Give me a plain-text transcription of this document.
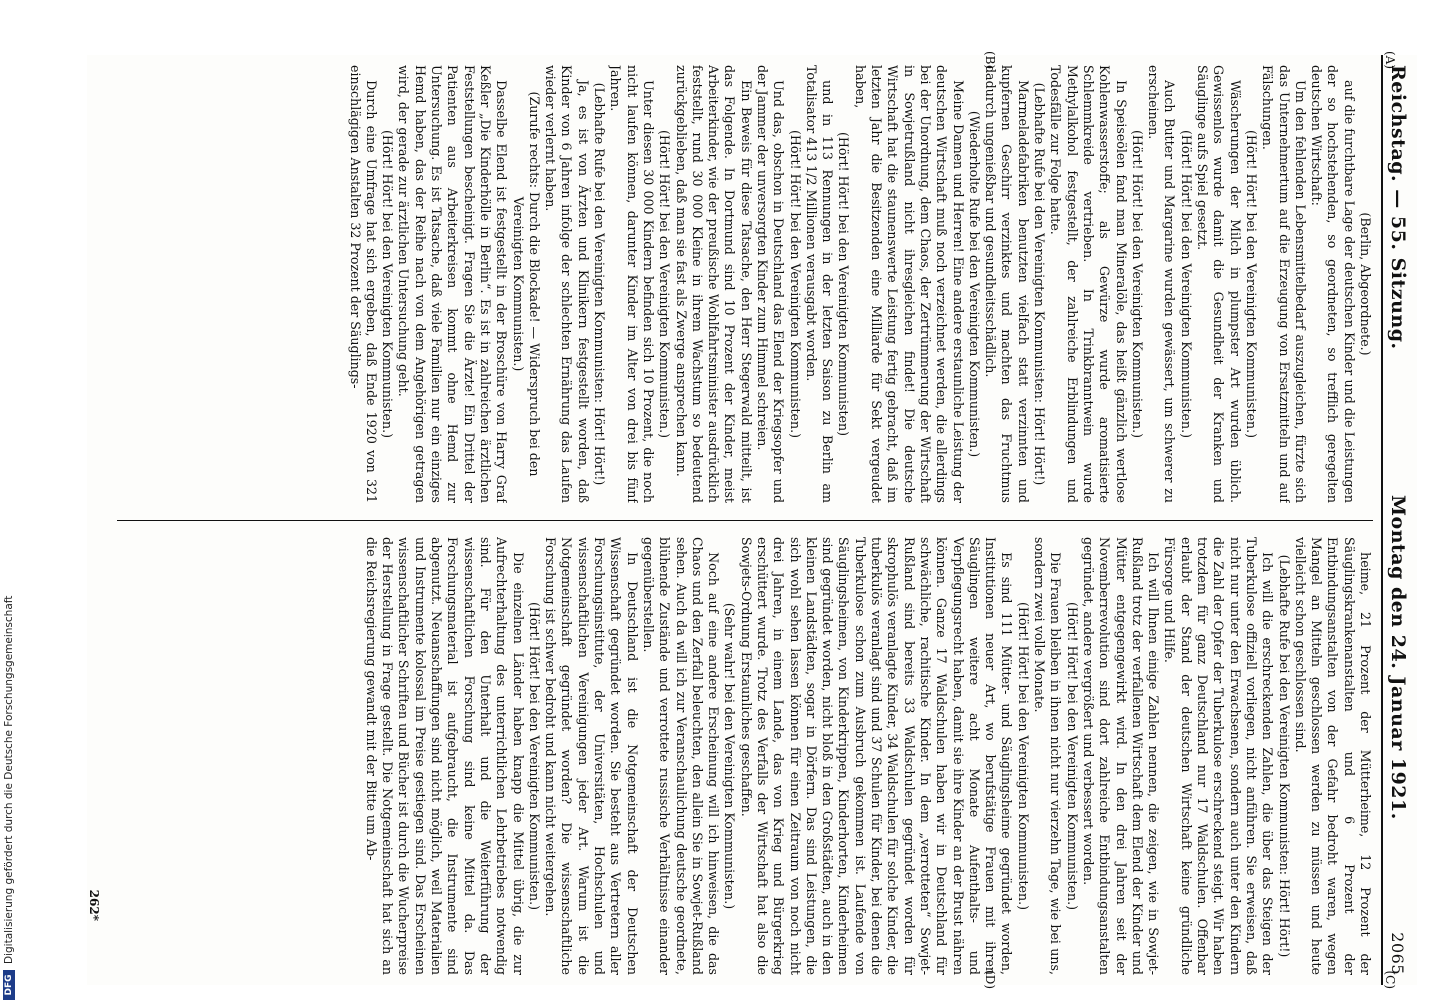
Reichstag. — 55. Sitzung.
Montag den 24. Januar 1921.
2065

(Berlin, Abgeordnete.)

auf die furchtbare Lage der deutschen Kinder und die Leistungen der so hochstehenden, so geordneten, so trefflich geregelten deutschen Wirtschaft:

Um den fehlenden Lebensmittelbedarf auszugleichen, fürzte sich das Unternehmertum auf die Erzeugung von Ersatzmitteln und auf Fälschungen.

(Hört! Hört! bei den Vereinigten Kommunisten.)

Wäscherungen der Milch in plumpster Art wurden üblich. Gewissenlos wurde damit die Gesundheit der Kranken und Säuglinge aufs Spiel gesetzt.

(Hört! Hört! bei den Vereinigten Kommunisten.)

Auch Butter und Margarine wurden gewässert, um schwerer zu erscheinen.

(Hört! Hört! bei den Vereinigten Kommunisten.)

In Speiseölen fand man Mineralöle, das heißt gänzlich wertlose Kohlenwasserstoffe; als Gewürze wurde aromatisierte Schlemmkreide vertrieben. In Trinkbranntwein wurde Methylalkohol festgestellt, der zahlreiche Erblindungen und Todesfälle zur Folge hatte.

(Lebhafte Rufe bei den Vereinigten Kommunisten: Hört! Hört!)

Marmeladefabriken benutzten vielfach statt verzinnten und kupfernen Geschirr verzinktes und machten das Fruchtmus dadurch ungenießbar und gesundheitsschädlich.

(Wiederholte Rufe bei den Vereinigten Kommunisten.)

Meine Damen und Herren! Eine andere erstaunliche Leistung der deutschen Wirtschaft muß noch verzeichnet werden, die allerdings bei der Unordnung, dem Chaos, der Zertrümmerung der Wirtschaft in Sowjetrußland nicht ihresgleichen findet! Die deutsche Wirtschaft hat die staunenswerte Leistung fertig gebracht, daß im letzten Jahr die Besitzenden eine Milliarde für Sekt vergeudet haben,

(Hört! Hört! bei den Vereinigten Kommunisten)

und in 113 Rennungen in der letzten Saison zu Berlin am Totalisator 413 1/2 Millionen verausgabt worden.

(Hört! Hört! bei den Vereinigten Kommunisten.)

Und das, obschon in Deutschland das Elend der Kriegsopfer und der Jammer der unversorgten Kinder zum Himmel schreien.

Ein Beweis für diese Tatsache, den Herr Stegerwald mitteilt, ist das Folgende. In Dortmund sind 10 Prozent der Kinder, meist Arbeiterkinder, wie der preußische Wohlfahrtsminister ausdrücklich feststellt, rund 30 000 Kleine in ihrem Wachstum so bedeutend zurückgeblieben, daß man sie fast als Zwerge ansprechen kann.

(Hört! Hört! bei den Vereinigten Kommunisten.)

Unter diesen 30 000 Kindern befinden sich 10 Prozent, die noch nicht laufen können, darunter Kinder im Alter von drei bis fünf Jahren.

(Lebhafte Rufe bei den Vereinigten Kommunisten: Hört! Hört!)

Ja, es ist von Ärzten und Klinikern festgestellt worden, daß Kinder von 6 Jahren infolge der schlechten Ernährung das Laufen wieder verlernt haben.

(Zurufe rechts: Durch die Blockade! — Widerspruch bei den Vereinigten Kommunisten.)

Dasselbe Elend ist festgestellt in der Broschüre von Harry Graf Keßler „Die Kinderhölle in Berlin“. Es ist in zahlreichen ärztlichen Feststellungen bescheinigt. Fragen Sie die Ärzte! Ein Drittel der Patienten aus Arbeiterkreisen kommt ohne Hemd zur Untersuchung. Es ist Tatsache, daß viele Familien nur ein einziges Hemd haben, das der Reihe nach von dem Angehörigen getragen wird, der gerade zur ärztlichen Untersuchung geht.

(Hört! Hört! bei den Vereinigten Kommunisten.)

Durch eine Umfrage hat sich ergeben, daß Ende 1920 von 321 einschlägigen Anstalten 32 Prozent der Säuglings-

heime, 21 Prozent der Mütterheime, 12 Prozent der Säuglingskrankenanstalten und 6 Prozent der Entbindungsanstalten von der Gefahr bedroht waren, wegen Mangel an Mitteln geschlossen werden zu müssen und heute vielleicht schon geschlossen sind.

(Lebhafte Rufe bei den Vereinigten Kommunisten: Hört! Hört!)

Ich will die erschreckenden Zahlen, die über das Steigen der Tuberkulose offiziell vorliegen, nicht anführen. Sie erweisen, daß nicht nur unter den Erwachsenen, sondern auch unter den Kindern die Zahl der Opfer der Tuberkulose erschreckend steigt. Wir haben trotzdem für ganz Deutschland nur 17 Waldschulen. Offenbar erlaubt der Stand der deutschen Wirtschaft keine gründliche Fürsorge und Hilfe.

Ich will Ihnen einige Zahlen nennen, die zeigen, wie in Sowjet-Rußland trotz der verfallenen Wirtschaft dem Elend der Kinder und Mütter entgegengewirkt wird. In den drei Jahren seit der Novemberrevolution sind dort zahlreiche Entbindungsanstalten gegründet, andere vergrößert und verbessert worden.

(Hört! Hört! bei den Vereinigten Kommunisten.)

Die Frauen bleiben in ihnen nicht nur vierzehn Tage, wie bei uns, sondern zwei volle Monate.

(Hört! Hört! bei den Vereinigten Kommunisten.)

Es sind 111 Mütter- und Säuglingsheime gegründet worden, Institutionen neuer Art, wo berufstätige Frauen mit ihren Säuglingen weitere acht Monate Aufenthalts- und Verpflegungsrecht haben, damit sie ihre Kinder an der Brust nähren können. Ganze 17 Waldschulen haben wir in Deutschland für schwächliche, rachitische Kinder. In dem „verrotteten“ Sowjet-Rußland sind bereits 33 Waldschulen gegründet worden für skrophulös veranlagte Kinder, 34 Waldschulen für solche Kinder, die tuberkulös veranlagt sind und 37 Schulen für Kinder, bei denen die Tuberkulose schon zum Ausbruch gekommen ist. Laufende von Säuglingsheimen, von Kinderkrippen, Kinderhorten, Kinderheimen sind gegründet worden, nicht bloß in den Großstädten, auch in den kleinen Landstädten, sogar in Dörfern. Das sind Leistungen, die sich wohl sehen lassen können für einen Zeitraum von noch nicht drei Jahren, in einem Lande, das von Krieg und Bürgerkrieg erschüttert wurde. Trotz des Verfalls der Wirtschaft hat also die Sowjets-Ordnung Erstaunliches geschaffen.

(Sehr wahr! bei den Vereinigten Kommunisten.)

Noch auf eine andere Erscheinung will ich hinweisen, die das Chaos und den Zerfall beleuchten, den allein Sie in Sowjet-Rußland sehen. Auch da will ich zur Veranschaulichung deutsche geordnete, blühende Zustände und verrottete russische Verhältnisse einander gegenüberstellen.

In Deutschland ist die Notgemeinschaft der Deutschen Wissenschaft gegründet worden. Sie besteht aus Vertretern aller Forschungsinstitute, der Universitäten, Hochschulen und wissenschaftlichen Vereinigungen jeder Art. Warum ist die Notgemeinschaft gegründet worden? Die wissenschaftliche Forschung ist schwer bedroht und kann nicht weitergehen.

(Hört! Hört! bei den Vereinigten Kommunisten.)

Die einzelnen Länder haben knapp die Mittel übrig, die zur Aufrechterhaltung des unterrichtlichen Lehrbetriebes notwendig sind. Für den Unterhalt und die Weiterführung der wissenschaftlichen Forschung sind keine Mittel da. Das Forschungsmaterial ist aufgebraucht, die Instrumente sind abgenutzt. Neuanschaffungen sind nicht möglich, weil Materialien und Instrumente kolossal im Preise gestiegen sind. Das Erscheinen wissenschaftlicher Schriften und Bücher ist durch die Wucherpreise der Herstellung in Frage gestellt. Die Notgemeinschaft hat sich an die Reichsregierung gewandt mit der Bitte um Ab-

(A)
(B)
(C)
(D)
262*
DFG
Digitalisierung gefördert durch die Deutsche Forschungsgemeinschaft
